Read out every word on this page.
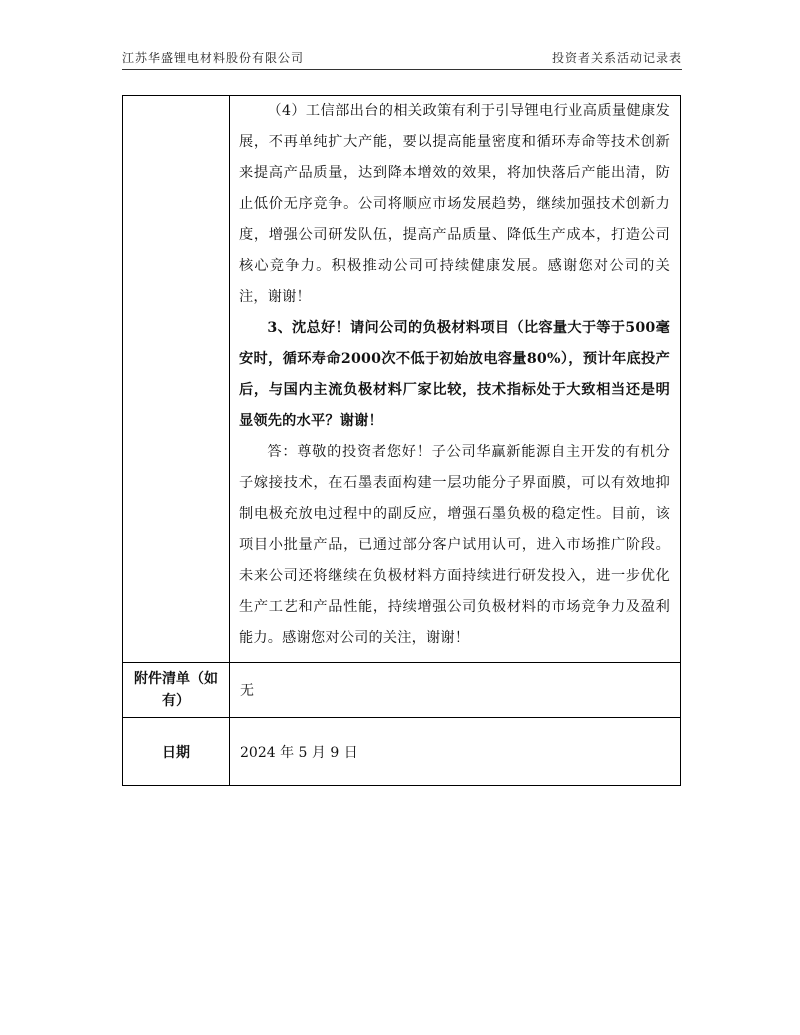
江苏华盛锂电材料股份有限公司	投资者关系活动记录表

	（4）工信部出台的相关政策有利于引导锂电行业高质量健康发展，不再单纯扩大产能，要以提高能量密度和循环寿命等技术创新来提高产品质量，达到降本增效的效果，将加快落后产能出清，防止低价无序竞争。公司将顺应市场发展趋势，继续加强技术创新力度，增强公司研发队伍，提高产品质量、降低生产成本，打造公司核心竞争力。积极推动公司可持续健康发展。感谢您对公司的关注，谢谢！

3、沈总好！请问公司的负极材料项目（比容量大于等于500毫安时，循环寿命2000次不低于初始放电容量80%），预计年底投产后，与国内主流负极材料厂家比较，技术指标处于大致相当还是明显领先的水平？谢谢！

答：尊敬的投资者您好！子公司华赢新能源自主开发的有机分子嫁接技术，在石墨表面构建一层功能分子界面膜，可以有效地抑制电极充放电过程中的副反应，增强石墨负极的稳定性。目前，该项目小批量产品，已通过部分客户试用认可，进入市场推广阶段。未来公司还将继续在负极材料方面持续进行研发投入，进一步优化生产工艺和产品性能，持续增强公司负极材料的市场竞争力及盈利能力。感谢您对公司的关注，谢谢！

附件清单（如有）	无
日期	2024 年 5 月 9 日
